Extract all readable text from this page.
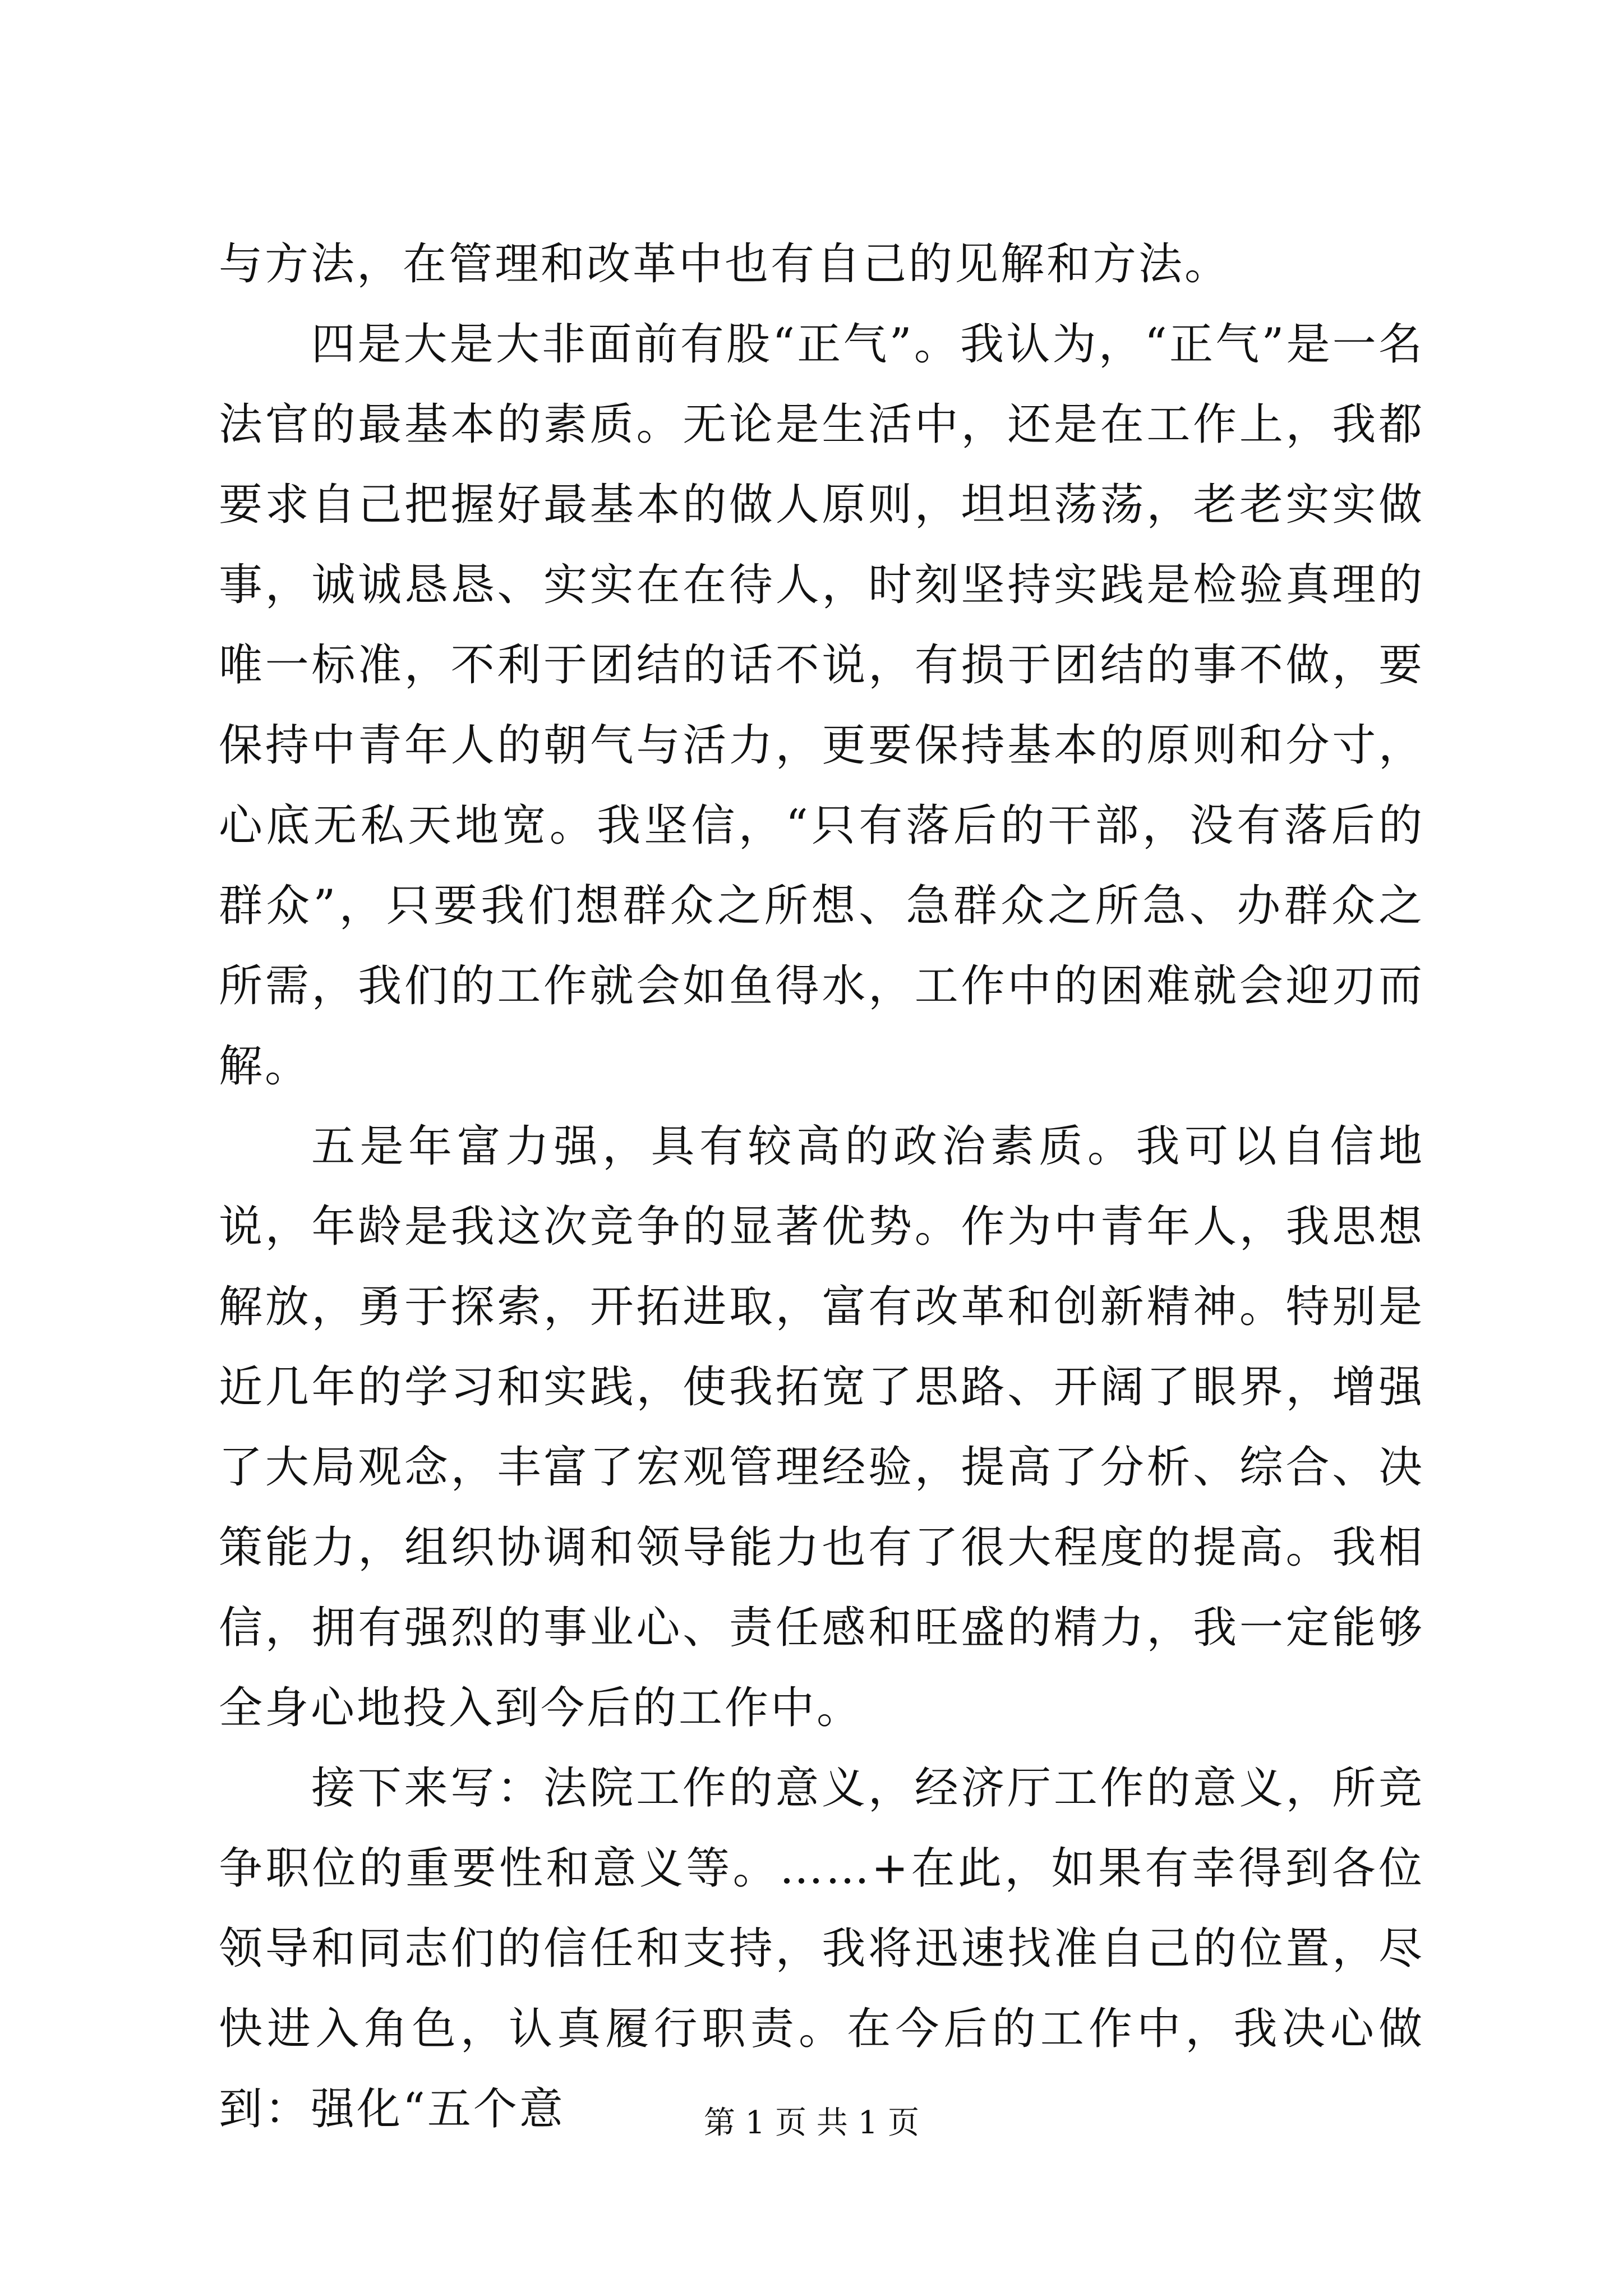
与方法，在管理和改革中也有自己的见解和方法。

四是大是大非面前有股“正气”。我认为，“正气”是一名法官的最基本的素质。无论是生活中，还是在工作上，我都要求自己把握好最基本的做人原则，坦坦荡荡，老老实实做事，诚诚恳恳、实实在在待人，时刻坚持实践是检验真理的唯一标准，不利于团结的话不说，有损于团结的事不做，要保持中青年人的朝气与活力，更要保持基本的原则和分寸，心底无私天地宽。我坚信，“只有落后的干部，没有落后的群众”，只要我们想群众之所想、急群众之所急、办群众之所需，我们的工作就会如鱼得水，工作中的困难就会迎刃而解。

五是年富力强，具有较高的政治素质。我可以自信地说，年龄是我这次竞争的显著优势。作为中青年人，我思想解放，勇于探索，开拓进取，富有改革和创新精神。特别是近几年的学习和实践，使我拓宽了思路、开阔了眼界，增强了大局观念，丰富了宏观管理经验，提高了分析、综合、决策能力，组织协调和领导能力也有了很大程度的提高。我相信，拥有强烈的事业心、责任感和旺盛的精力，我一定能够全身心地投入到今后的工作中。

接下来写：法院工作的意义，经济厅工作的意义，所竞争职位的重要性和意义等。……+在此，如果有幸得到各位领导和同志们的信任和支持，我将迅速找准自己的位置，尽快进入角色，认真履行职责。在今后的工作中，我决心做到：强化“五个意	第 1 页 共 1 页
